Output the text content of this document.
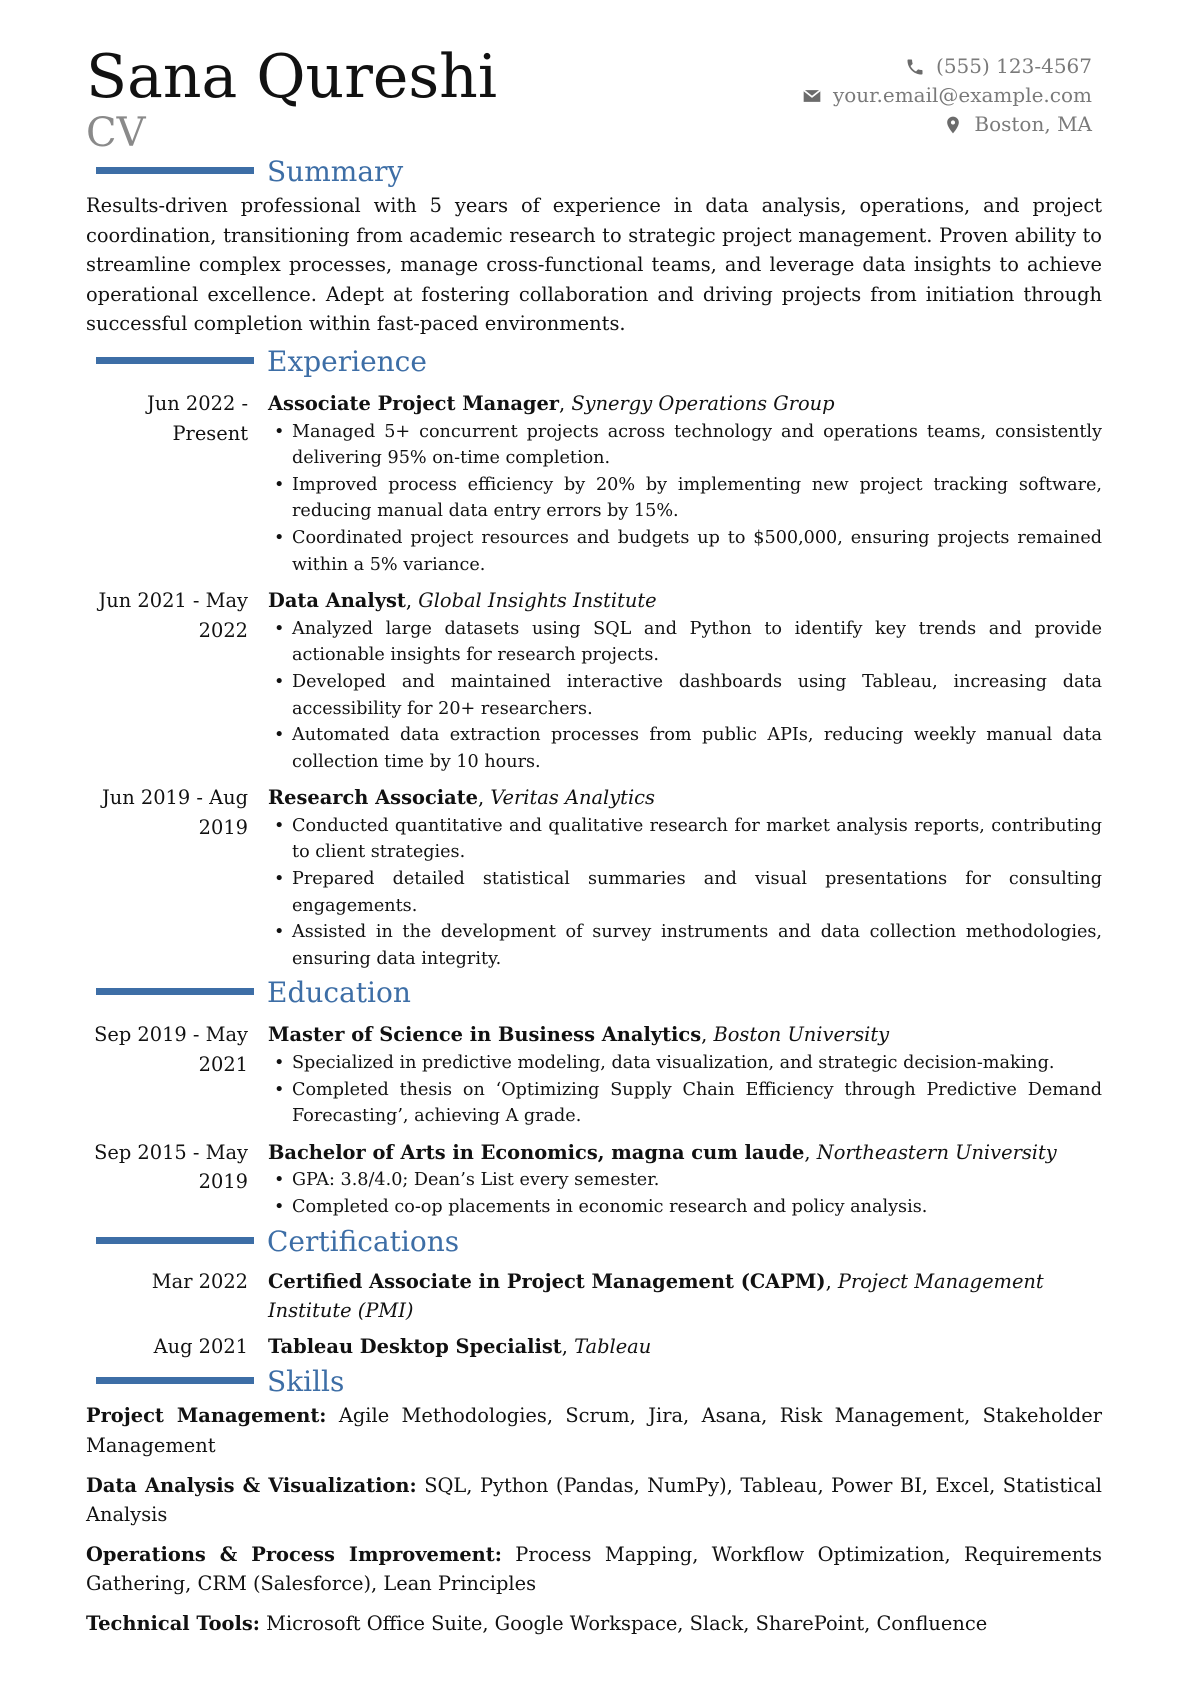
Sana Qureshi
CV
(555) 123-4567
your.email@example.com
Boston, MA
Summary

Results-driven professional with 5 years of experience in data analysis, operations, and project coordination, transitioning from academic research to strategic project management. Proven ability to streamline complex processes, manage cross-functional teams, and leverage data insights to achieve operational excellence. Adept at fostering collaboration and driving projects from initiation through successful completion within fast-paced environments.

Experience
Jun 2022 - Present
Associate Project Manager, Synergy Operations Group
• Managed 5+ concurrent projects across technology and operations teams, consistently delivering 95% on-time completion.
• Improved process efficiency by 20% by implementing new project tracking software, reducing manual data entry errors by 15%.
• Coordinated project resources and budgets up to $500,000, ensuring projects remained within a 5% variance.
Jun 2021 - May 2022
Data Analyst, Global Insights Institute
• Analyzed large datasets using SQL and Python to identify key trends and provide actionable insights for research projects.
• Developed and maintained interactive dashboards using Tableau, increasing data accessibility for 20+ researchers.
• Automated data extraction processes from public APIs, reducing weekly manual data collection time by 10 hours.
Jun 2019 - Aug 2019
Research Associate, Veritas Analytics
• Conducted quantitative and qualitative research for market analysis reports, contributing to client strategies.
• Prepared detailed statistical summaries and visual presentations for consulting engagements.
• Assisted in the development of survey instruments and data collection methodologies, ensuring data integrity.
Education
Sep 2019 - May 2021
Master of Science in Business Analytics, Boston University
• Specialized in predictive modeling, data visualization, and strategic decision-making.
• Completed thesis on ‘Optimizing Supply Chain Efficiency through Predictive Demand Forecasting’, achieving A grade.
Sep 2015 - May 2019
Bachelor of Arts in Economics, magna cum laude, Northeastern University
• GPA: 3.8/4.0; Dean’s List every semester.
• Completed co-op placements in economic research and policy analysis.
Certifications
Mar 2022	Certified Associate in Project Management (CAPM), Project Management Institute (PMI)
Aug 2021	Tableau Desktop Specialist, Tableau
Skills

Project Management: Agile Methodologies, Scrum, Jira, Asana, Risk Management, Stakeholder Management

Data Analysis & Visualization: SQL, Python (Pandas, NumPy), Tableau, Power BI, Excel, Statistical Analysis

Operations & Process Improvement: Process Mapping, Workflow Optimization, Requirements Gathering, CRM (Salesforce), Lean Principles

Technical Tools: Microsoft Office Suite, Google Workspace, Slack, SharePoint, Confluence
